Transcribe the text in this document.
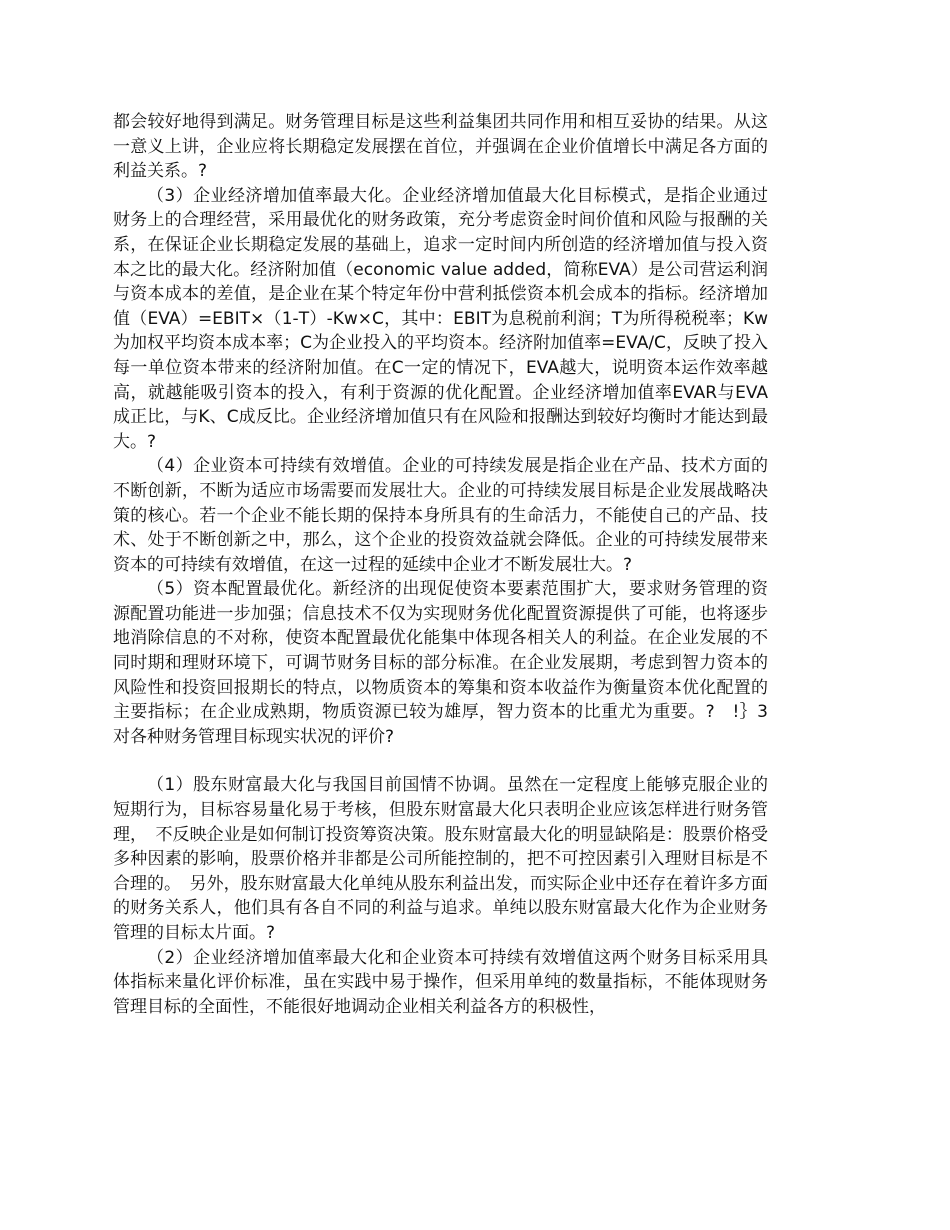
都会较好地得到满足。财务管理目标是这些利益集团共同作用和相互妥协的结果。从这一意义上讲，企业应将长期稳定发展摆在首位，并强调在企业价值增长中满足各方面的利益关系。?

（3）企业经济增加值率最大化。企业经济增加值最大化目标模式，是指企业通过财务上的合理经营，采用最优化的财务政策，充分考虑资金时间价值和风险与报酬的关系，在保证企业长期稳定发展的基础上，追求一定时间内所创造的经济增加值与投入资本之比的最大化。经济附加值（economic value added，简称EVA）是公司营运利润与资本成本的差值，是企业在某个特定年份中营利抵偿资本机会成本的指标。经济增加值（EVA）=EBIT×（1-T）-Kw×C，其中：EBIT为息税前利润；T为所得税税率；Kw为加权平均资本成本率；C为企业投入的平均资本。经济附加值率=EVA/C，反映了投入每一单位资本带来的经济附加值。在C一定的情况下，EVA越大，说明资本运作效率越高，就越能吸引资本的投入，有利于资源的优化配置。企业经济增加值率EVAR与EVA成正比，与K、C成反比。企业经济增加值只有在风险和报酬达到较好均衡时才能达到最大。?

（4）企业资本可持续有效增值。企业的可持续发展是指企业在产品、技术方面的不断创新，不断为适应市场需要而发展壮大。企业的可持续发展目标是企业发展战略决策的核心。若一个企业不能长期的保持本身所具有的生命活力，不能使自己的产品、技术、处于不断创新之中，那么，这个企业的投资效益就会降低。企业的可持续发展带来资本的可持续有效增值，在这一过程的延续中企业才不断发展壮大。?

（5）资本配置最优化。新经济的出现促使资本要素范围扩大，要求财务管理的资源配置功能进一步加强；信息技术不仅为实现财务优化配置资源提供了可能，也将逐步地消除信息的不对称，使资本配置最优化能集中体现各相关人的利益。在企业发展的不同时期和理财环境下，可调节财务目标的部分标准。在企业发展期，考虑到智力资本的风险性和投资回报期长的特点，以物质资本的筹集和资本收益作为衡量资本优化配置的主要指标；在企业成熟期，物质资源已较为雄厚，智力资本的比重尤为重要。?　!｝3 对各种财务管理目标现实状况的评价?

（1）股东财富最大化与我国目前国情不协调。虽然在一定程度上能够克服企业的短期行为，目标容易量化易于考核，但股东财富最大化只表明企业应该怎样进行财务管理，　不反映企业是如何制订投资筹资决策。股东财富最大化的明显缺陷是：股票价格受多种因素的影响，股票价格并非都是公司所能控制的，把不可控因素引入理财目标是不合理的。　另外，股东财富最大化单纯从股东利益出发，而实际企业中还存在着许多方面的财务关系人，他们具有各自不同的利益与追求。单纯以股东财富最大化作为企业财务管理的目标太片面。?

（2）企业经济增加值率最大化和企业资本可持续有效增值这两个财务目标采用具体指标来量化评价标准，虽在实践中易于操作，但采用单纯的数量指标，不能体现财务管理目标的全面性，不能很好地调动企业相关利益各方的积极性，
